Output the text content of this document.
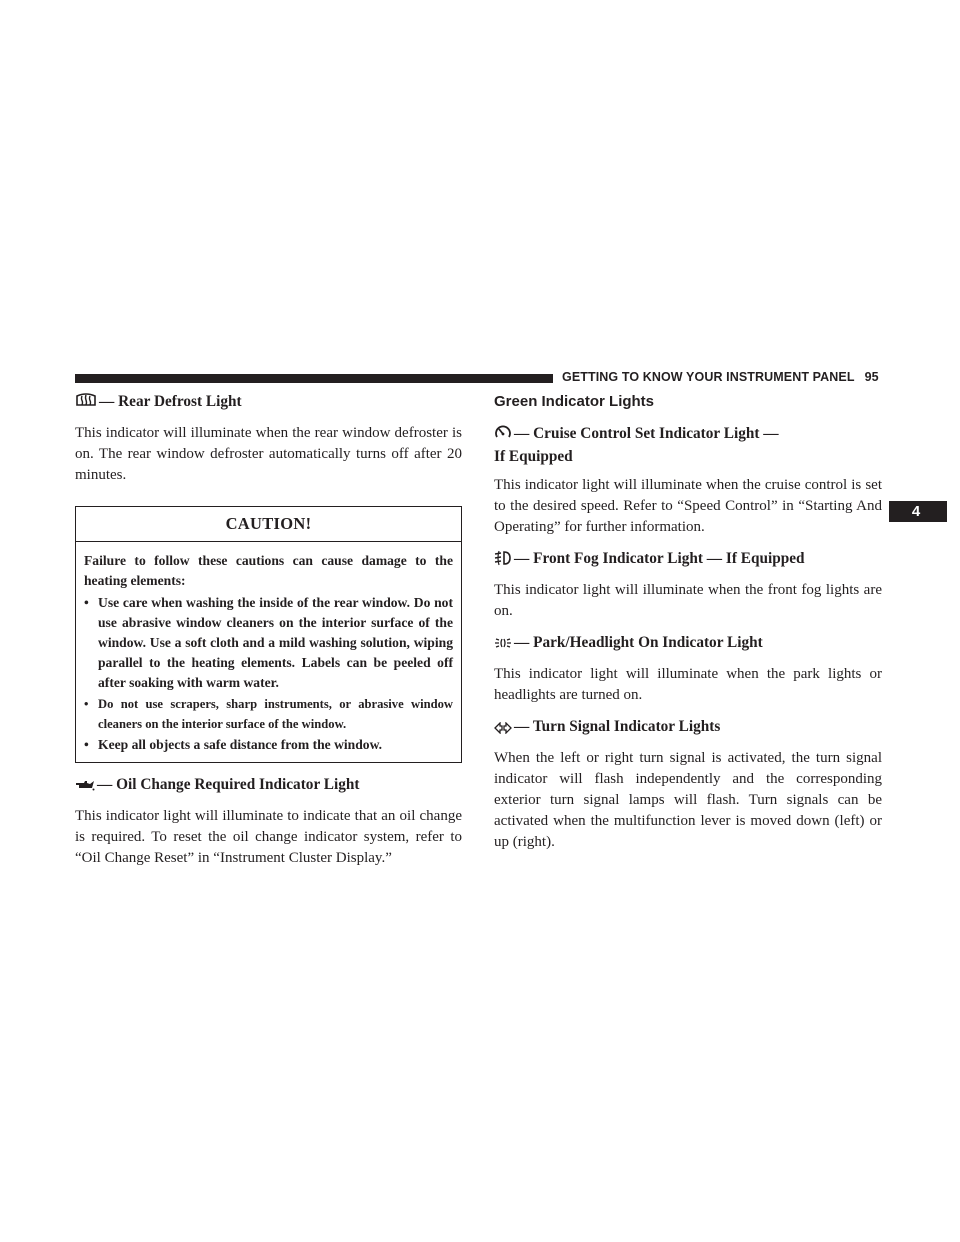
GETTING TO KNOW YOUR INSTRUMENT PANEL 95
4
— Rear Defrost Light

This indicator will illuminate when the rear window defroster is on. The rear window defroster automatically turns off after 20 minutes.

CAUTION!
Failure to follow these cautions can cause damage to the heating elements:
• Use care when washing the inside of the rear window. Do not use abrasive window cleaners on the interior surface of the window. Use a soft cloth and a mild washing solution, wiping parallel to the heating elements. Labels can be peeled off after soaking with warm water.
• Do not use scrapers, sharp instruments, or abrasive window cleaners on the interior surface of the window.
• Keep all objects a safe distance from the window.
— Oil Change Required Indicator Light

This indicator light will illuminate to indicate that an oil change is required. To reset the oil change indicator system, refer to “Oil Change Reset” in “Instrument Cluster Display.”

Green Indicator Lights
— Cruise Control Set Indicator Light —
If Equipped

This indicator light will illuminate when the cruise control is set to the desired speed. Refer to “Speed Control” in “Starting And Operating” for further information.

— Front Fog Indicator Light — If Equipped

This indicator light will illuminate when the front fog lights are on.

— Park/Headlight On Indicator Light

This indicator light will illuminate when the park lights or headlights are turned on.

— Turn Signal Indicator Lights

When the left or right turn signal is activated, the turn signal indicator will flash independently and the corresponding exterior turn signal lamps will flash. Turn signals can be activated when the multifunction lever is moved down (left) or up (right).
